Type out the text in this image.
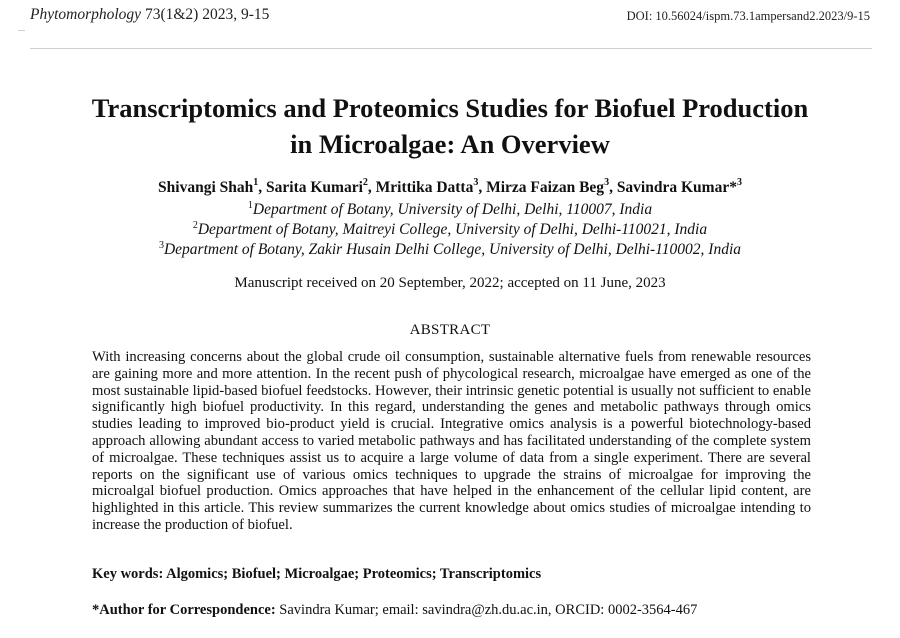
Phytomorphology 73(1&2) 2023, 9-15	DOI: 10.56024/ispm.73.1ampersand2.2023/9-15
Transcriptomics and Proteomics Studies for Biofuel Production
in Microalgae: An Overview
Shivangi Shah$^1$, Sarita Kumari$^2$, Mrittika Datta$^3$, Mirza Faizan Beg$^3$, Savindra Kumar*$^3$
$^1$Department of Botany, University of Delhi, Delhi, 110007, India
$^2$Department of Botany, Maitreyi College, University of Delhi, Delhi-110021, India
$^3$Department of Botany, Zakir Husain Delhi College, University of Delhi, Delhi-110002, India
Manuscript received on 20 September, 2022; accepted on 11 June, 2023
ABSTRACT
With increasing concerns about the global crude oil consumption, sustainable alternative fuels from renewable resources are gaining more and more attention. In the recent push of phycological research, microalgae have emerged as one of the most sustainable lipid-based biofuel feedstocks. However, their intrinsic genetic potential is usually not sufficient to enable significantly high biofuel productivity. In this regard, understanding the genes and metabolic pathways through omics studies leading to improved bio-product yield is crucial. Integrative omics analysis is a powerful biotechnology-based approach allowing abundant access to varied metabolic pathways and has facilitated understanding of the complete system of microalgae. These techniques assist us to acquire a large volume of data from a single experiment. There are several reports on the significant use of various omics techniques to upgrade the strains of microalgae for improving the microalgal biofuel production. Omics approaches that have helped in the enhancement of the cellular lipid content, are highlighted in this article. This review summarizes the current knowledge about omics studies of microalgae intending to increase the production of biofuel.
Key words: Algomics; Biofuel; Microalgae; Proteomics; Transcriptomics
*Author for Correspondence: Savindra Kumar; email: savindra@zh.du.ac.in, ORCID: 0002-3564-467
